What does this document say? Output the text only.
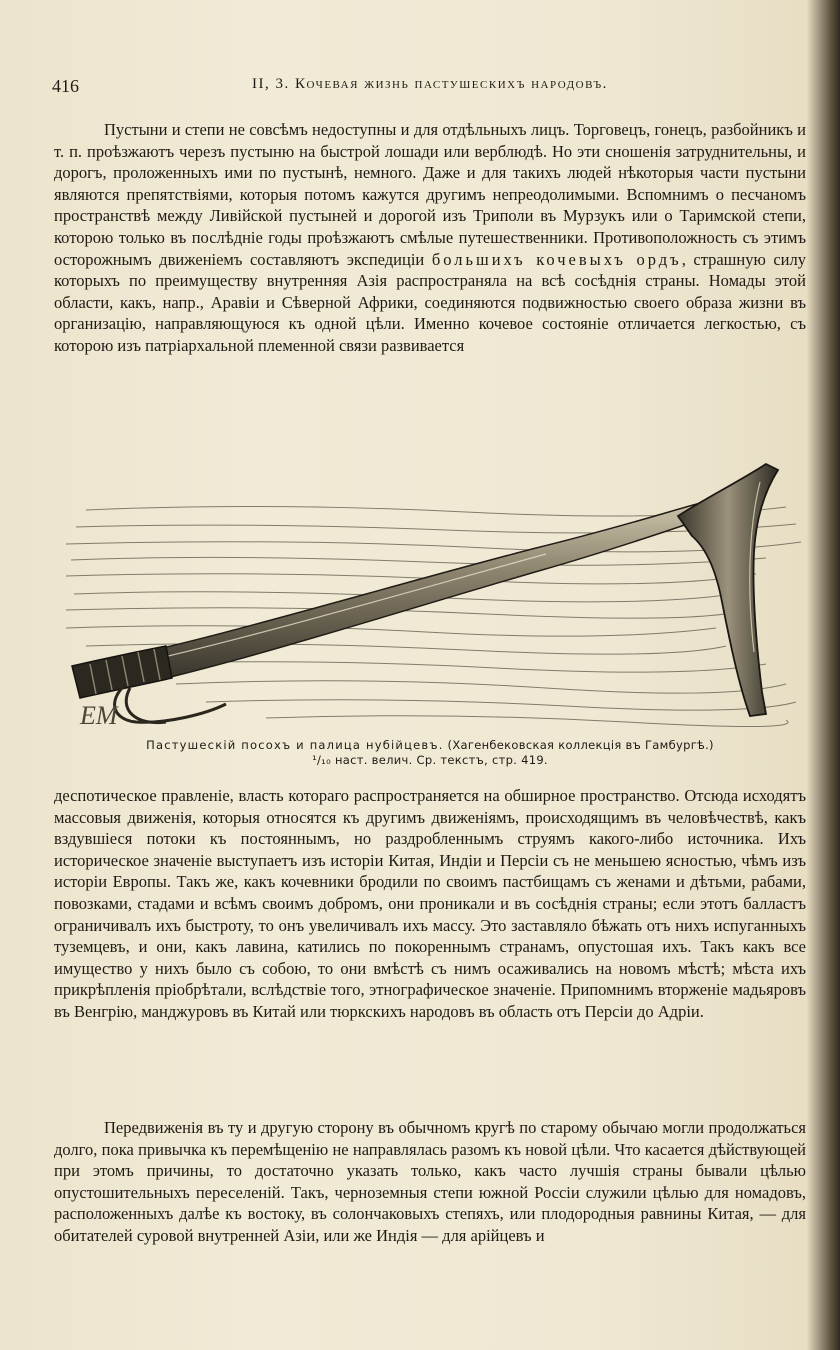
416	II, 3. Кочевая жизнь пастушескихъ народовъ.

Пустыни и степи не совсѣмъ недоступны и для отдѣльныхъ лицъ. Торговецъ, гонецъ, разбойникъ и т. п. проѣзжаютъ черезъ пустыню на быстрой лошади или верблюдѣ. Но эти сношенія затруднительны, и дорогъ, проложенныхъ ими по пустынѣ, немного. Даже и для такихъ людей нѣкоторыя части пустыни являются препятствіями, которыя потомъ кажутся другимъ непреодолимыми. Вспомнимъ о песчаномъ пространствѣ между Ливійской пустыней и дорогой изъ Триполи въ Мурзукъ или о Таримской степи, которою только въ послѣдніе годы проѣзжаютъ смѣлые путешественники. Противоположность съ этимъ осторожнымъ движеніемъ составляютъ экспедиціи большихъ кочевыхъ ордъ, страшную силу которыхъ по преимуществу внутренняя Азія распространяла на всѣ сосѣднія страны. Номады этой области, какъ, напр., Аравіи и Сѣверной Африки, соединяются подвижностью своего образа жизни въ организацію, направляющуюся къ одной цѣли. Именно кочевое состояніе отличается легкостью, съ которою изъ патріархальной племенной связи развивается

EM
Пастушескій посохъ и палица нубійцевъ. (Хагенбековская коллекція въ Гамбургѣ.)
¹/₁₀ наст. велич. Ср. текстъ, стр. 419.

деспотическое правленіе, власть котораго распространяется на обширное пространство. Отсюда исходятъ массовыя движенія, которыя относятся къ другимъ движеніямъ, происходящимъ въ человѣчествѣ, какъ вздувшіеся потоки къ постояннымъ, но раздробленнымъ струямъ какого-либо источника. Ихъ историческое значеніе выступаетъ изъ исторіи Китая, Индіи и Персіи съ не меньшею ясностью, чѣмъ изъ исторіи Европы. Такъ же, какъ кочевники бродили по своимъ пастбищамъ съ женами и дѣтьми, рабами, повозками, стадами и всѣмъ своимъ добромъ, они проникали и въ сосѣднія страны; если этотъ балластъ ограничивалъ ихъ быстроту, то онъ увеличивалъ ихъ массу. Это заставляло бѣжать отъ нихъ испуганныхъ туземцевъ, и они, какъ лавина, катились по покореннымъ странамъ, опустошая ихъ. Такъ какъ все имущество у нихъ было съ собою, то они вмѣстѣ съ нимъ осаживались на новомъ мѣстѣ; мѣста ихъ прикрѣпленія пріобрѣтали, вслѣдствіе того, этнографическое значеніе. Припомнимъ вторженіе мадьяровъ въ Венгрію, манджуровъ въ Китай или тюркскихъ народовъ въ область отъ Персіи до Адріи.

Передвиженія въ ту и другую сторону въ обычномъ кругѣ по старому обычаю могли продолжаться долго, пока привычка къ перемѣщенію не направлялась разомъ къ новой цѣли. Что касается дѣйствующей при этомъ причины, то достаточно указать только, какъ часто лучшія страны бывали цѣлью опустошительныхъ переселеній. Такъ, черноземныя степи южной Россіи служили цѣлью для номадовъ, расположенныхъ далѣе къ востоку, въ солончаковыхъ степяхъ, или плодородныя равнины Китая, — для обитателей суровой внутренней Азіи, или же Индія — для арійцевъ и
